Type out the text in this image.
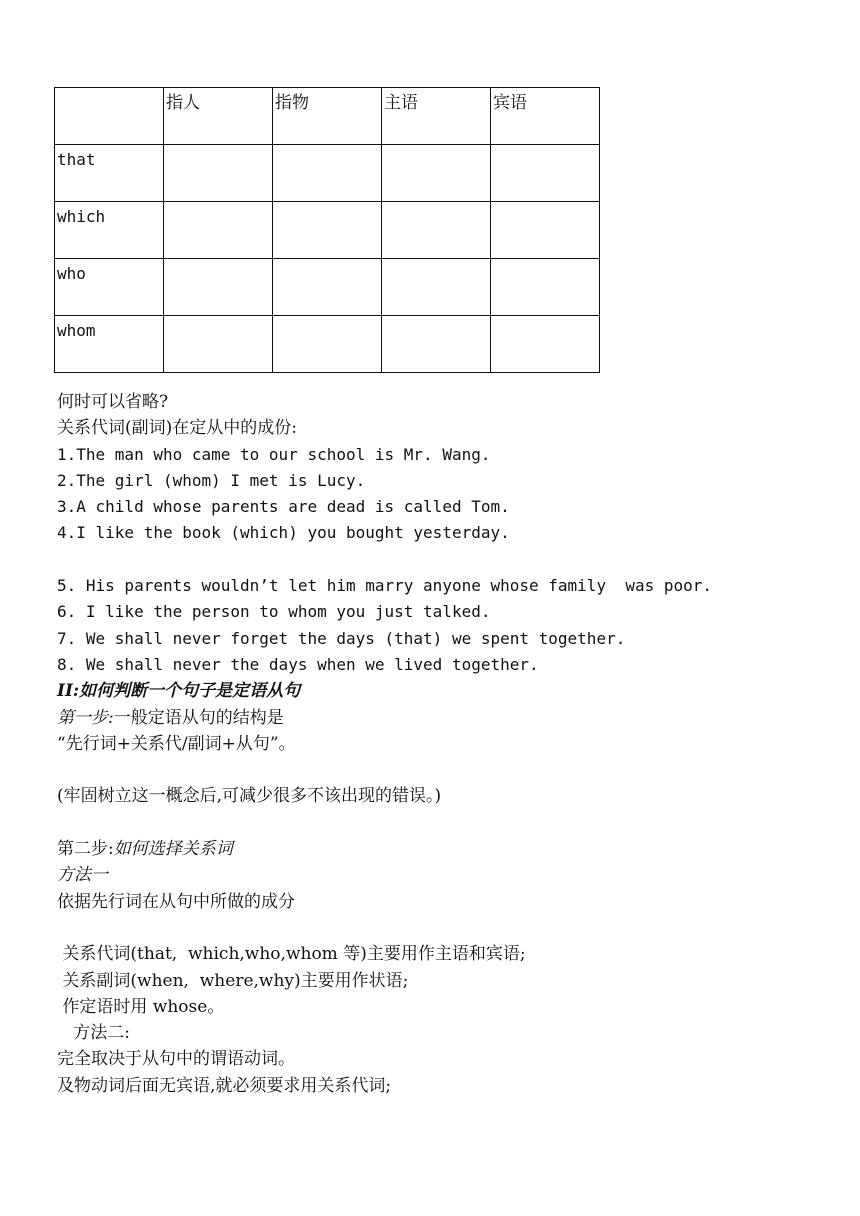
	指人	指物	主语	宾语
that				
which				
who				
whom				
何时可以省略?
关系代词(副词)在定从中的成份:
1.The man who came to our school is Mr. Wang.
2.The girl (whom) I met is Lucy.
3.A child whose parents are dead is called Tom.
4.I like the book (which) you bought yesterday.
5. His parents wouldn’t let him marry anyone whose family  was poor.
6. I like the person to whom you just talked.
7. We shall never forget the days (that) we spent together.
8. We shall never the days when we lived together.
II:如何判断一个句子是定语从句
第一步:一般定语从句的结构是
“先行词+关系代/副词+从句”。
(牢固树立这一概念后,可减少很多不该出现的错误。)
第二步:如何选择关系词
方法一
依据先行词在从句中所做的成分
关系代词(that,  which,who,whom 等)主要用作主语和宾语;
关系副词(when,  where,why)主要用作状语;
作定语时用 whose。
方法二:
完全取决于从句中的谓语动词。
及物动词后面无宾语,就必须要求用关系代词;
